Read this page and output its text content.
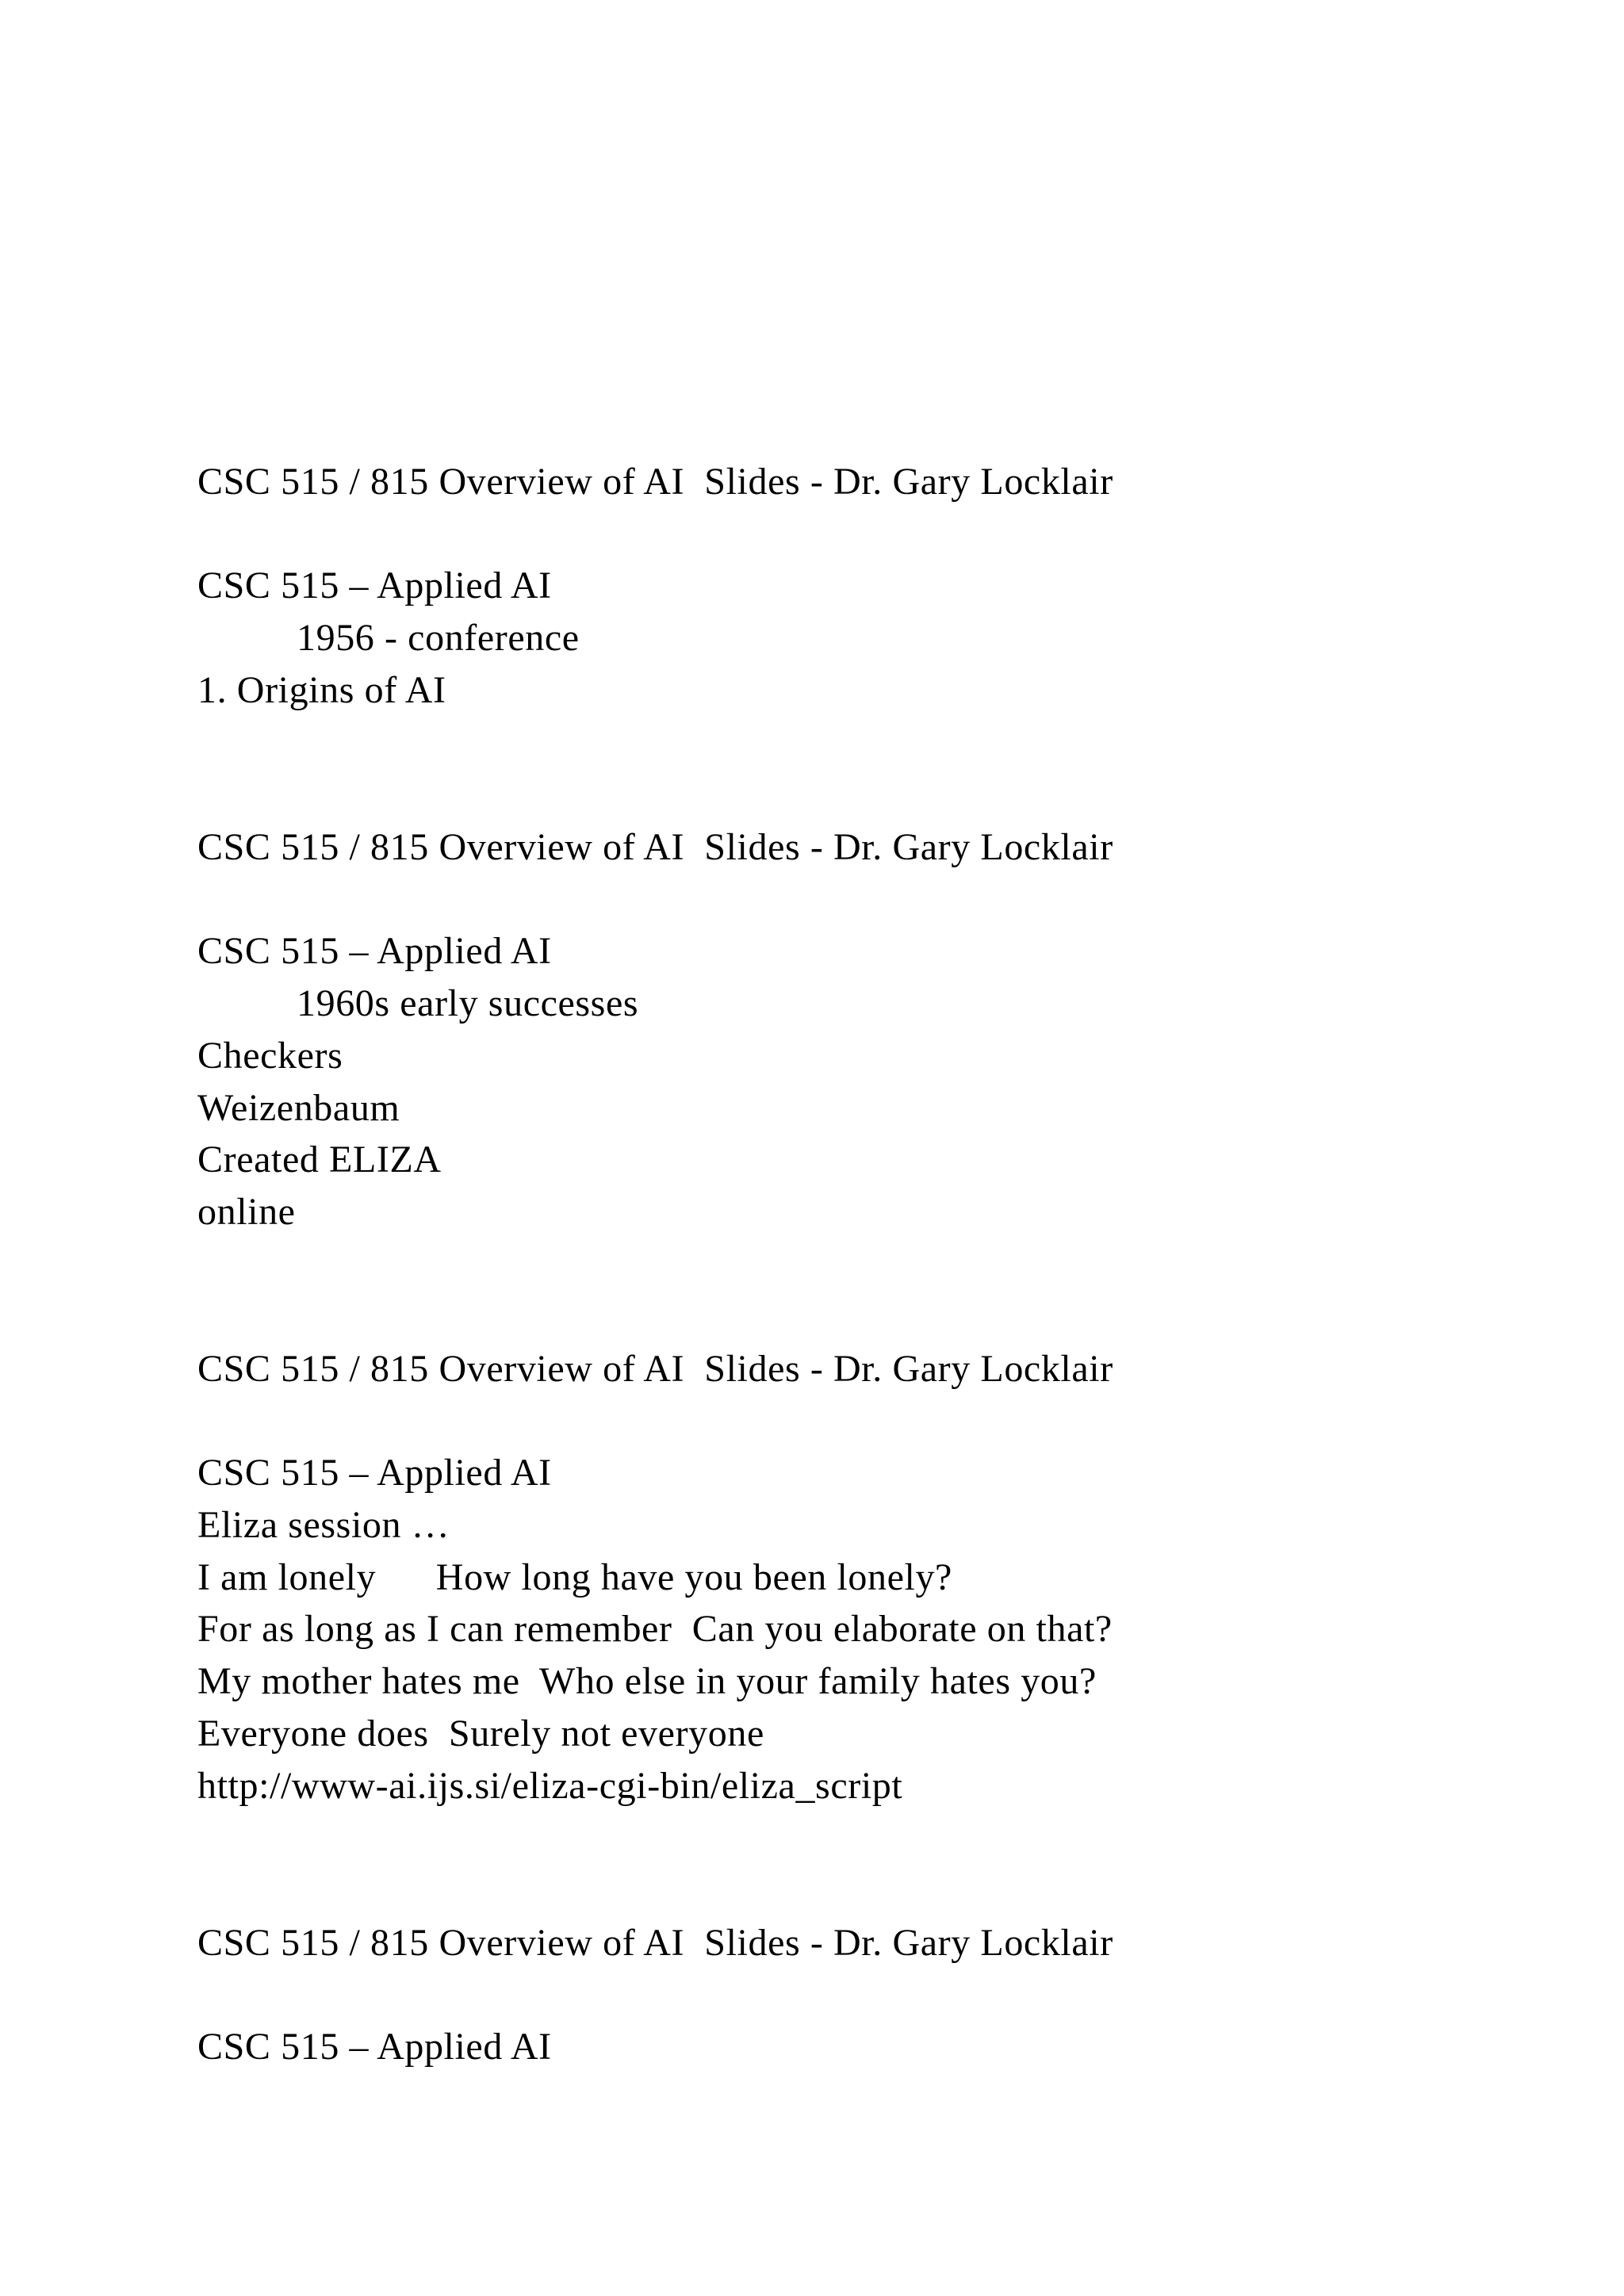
CSC 515 / 815 Overview of AI  Slides - Dr. Gary Locklair

CSC 515 – Applied AI

1956 - conference

1. Origins of AI

CSC 515 / 815 Overview of AI  Slides - Dr. Gary Locklair

CSC 515 – Applied AI

1960s early successes

Checkers

Weizenbaum

Created ELIZA

online

CSC 515 / 815 Overview of AI  Slides - Dr. Gary Locklair

CSC 515 – Applied AI

Eliza session …

I am lonely      How long have you been lonely?

For as long as I can remember  Can you elaborate on that?

My mother hates me  Who else in your family hates you?

Everyone does  Surely not everyone

http://www-ai.ijs.si/eliza-cgi-bin/eliza_script

CSC 515 / 815 Overview of AI  Slides - Dr. Gary Locklair

CSC 515 – Applied AI
